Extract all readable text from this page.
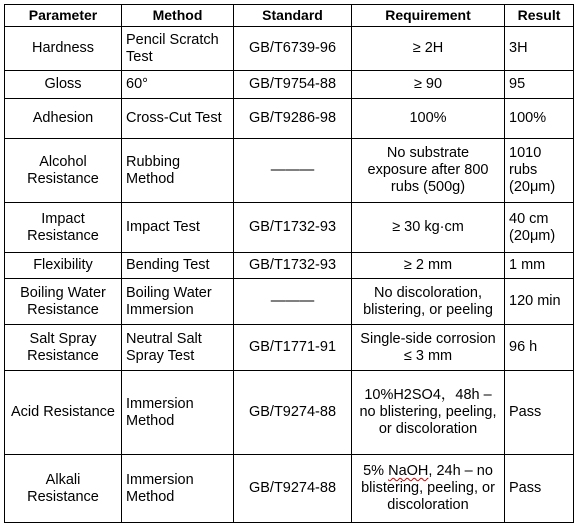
Parameter	Method	Standard	Requirement	Result
Hardness	Pencil Scratch Test	GB/T6739-96	≥ 2H	3H
Gloss	60°	GB/T9754-88	≥ 90	95
Adhesion	Cross-Cut Test	GB/T9286-98	100%	100%
Alcohol Resistance	Rubbing Method	———	No substrate exposure after 800 rubs (500g)	1010 rubs (20μm)
Impact Resistance	Impact Test	GB/T1732-93	≥ 30 kg·cm	40 cm (20μm)
Flexibility	Bending Test	GB/T1732-93	≥ 2 mm	1 mm
Boiling Water Resistance	Boiling Water Immersion	———	No discoloration, blistering, or peeling	120 min
Salt Spray Resistance	Neutral Salt Spray Test	GB/T1771-91	Single-side corrosion ≤ 3 mm	96 h
Acid Resistance	Immersion Method	GB/T9274-88	10%H2SO4，48h – no blistering, peeling, or discoloration	Pass
Alkali Resistance	Immersion Method	GB/T9274-88	5% NaOH, 24h – no blistering, peeling, or discoloration	Pass
